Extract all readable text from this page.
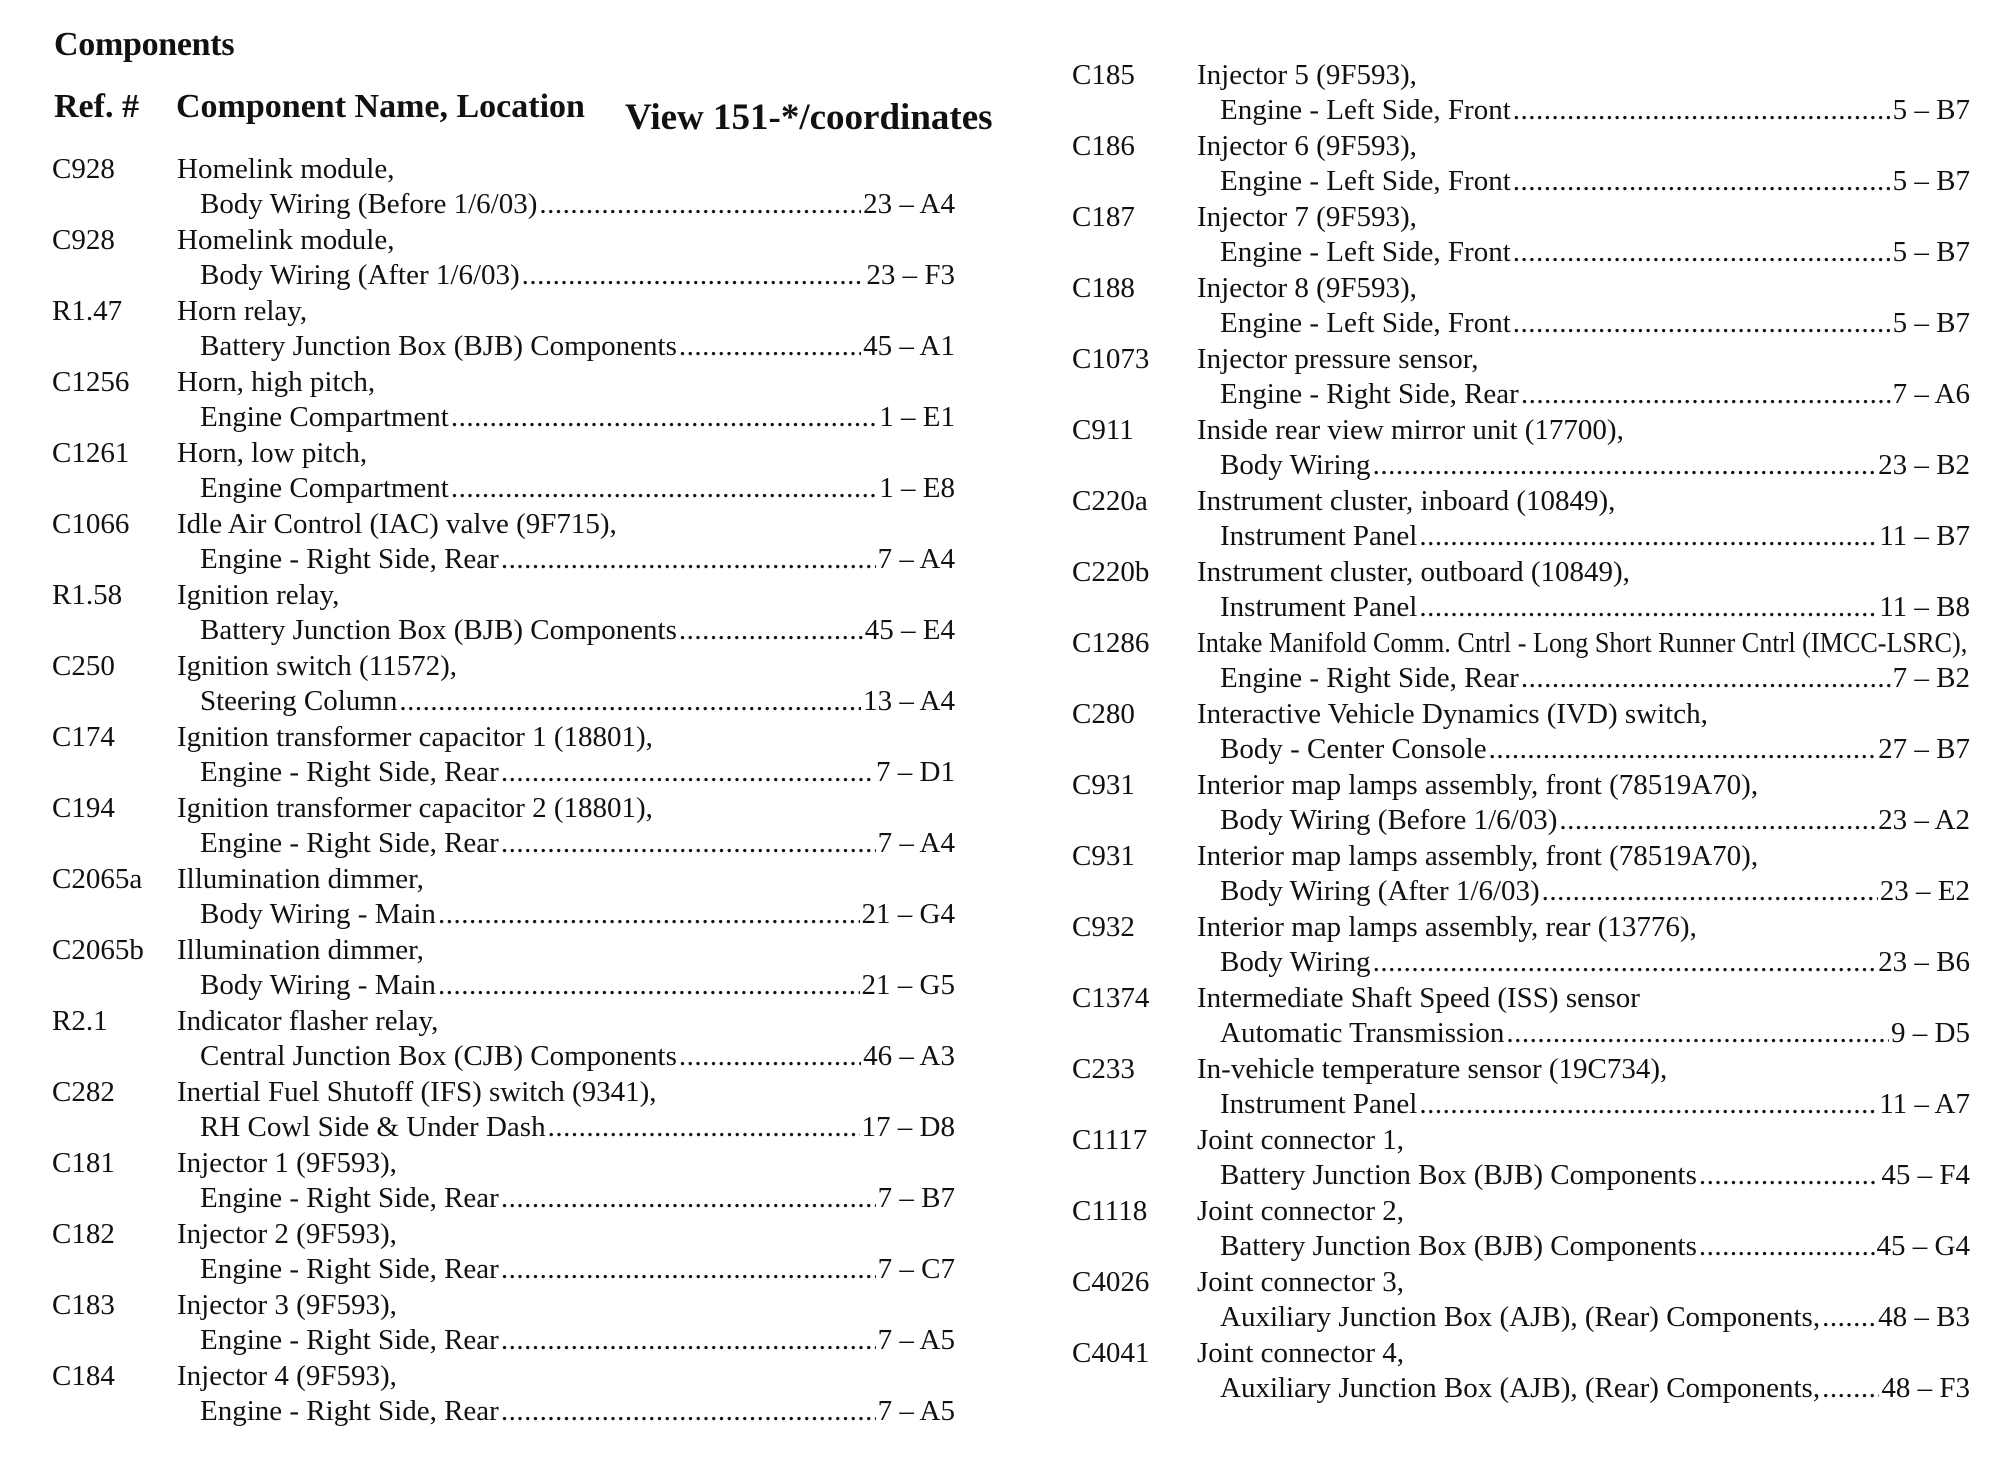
Components
Ref. # Component Name, Location View 151-*/coordinates
C928 Homelink module,
Body Wiring (Before 1/6/03) .....	23 – A4
C928 Homelink module,
Body Wiring (After 1/6/03) .....	23 – F3
R1.47 Horn relay,
Battery Junction Box (BJB) Components .....	45 – A1
C1256 Horn, high pitch,
Engine Compartment .....	1 – E1
C1261 Horn, low pitch,
Engine Compartment .....	1 – E8
C1066 Idle Air Control (IAC) valve (9F715),
Engine - Right Side, Rear .....	7 – A4
R1.58 Ignition relay,
Battery Junction Box (BJB) Components .....	45 – E4
C250 Ignition switch (11572),
Steering Column .....	13 – A4
C174 Ignition transformer capacitor 1 (18801),
Engine - Right Side, Rear .....	7 – D1
C194 Ignition transformer capacitor 2 (18801),
Engine - Right Side, Rear .....	7 – A4
C2065a Illumination dimmer,
Body Wiring - Main .....	21 – G4
C2065b Illumination dimmer,
Body Wiring - Main .....	21 – G5
R2.1 Indicator flasher relay,
Central Junction Box (CJB) Components .....	46 – A3
C282 Inertial Fuel Shutoff (IFS) switch (9341),
RH Cowl Side & Under Dash .....	17 – D8
C181 Injector 1 (9F593),
Engine - Right Side, Rear .....	7 – B7
C182 Injector 2 (9F593),
Engine - Right Side, Rear .....	7 – C7
C183 Injector 3 (9F593),
Engine - Right Side, Rear .....	7 – A5
C184 Injector 4 (9F593),
Engine - Right Side, Rear .....	7 – A5
C185 Injector 5 (9F593),
Engine - Left Side, Front .....	5 – B7
C186 Injector 6 (9F593),
Engine - Left Side, Front .....	5 – B7
C187 Injector 7 (9F593),
Engine - Left Side, Front .....	5 – B7
C188 Injector 8 (9F593),
Engine - Left Side, Front .....	5 – B7
C1073 Injector pressure sensor,
Engine - Right Side, Rear .....	7 – A6
C911 Inside rear view mirror unit (17700),
Body Wiring .....	23 – B2
C220a Instrument cluster, inboard (10849),
Instrument Panel .....	11 – B7
C220b Instrument cluster, outboard (10849),
Instrument Panel .....	11 – B8
C1286 Intake Manifold Comm. Cntrl - Long Short Runner Cntrl (IMCC-LSRC),
Engine - Right Side, Rear .....	7 – B2
C280 Interactive Vehicle Dynamics (IVD) switch,
Body - Center Console .....	27 – B7
C931 Interior map lamps assembly, front (78519A70),
Body Wiring (Before 1/6/03) .....	23 – A2
C931 Interior map lamps assembly, front (78519A70),
Body Wiring (After 1/6/03) .....	23 – E2
C932 Interior map lamps assembly, rear (13776),
Body Wiring .....	23 – B6
C1374 Intermediate Shaft Speed (ISS) sensor
Automatic Transmission .....	9 – D5
C233 In-vehicle temperature sensor (19C734),
Instrument Panel .....	11 – A7
C1117 Joint connector 1,
Battery Junction Box (BJB) Components .....	45 – F4
C1118 Joint connector 2,
Battery Junction Box (BJB) Components .....	45 – G4
C4026 Joint connector 3,
Auxiliary Junction Box (AJB), (Rear) Components, ..... 48 – B3
C4041 Joint connector 4,
Auxiliary Junction Box (AJB), (Rear) Components, ..... 48 – F3
